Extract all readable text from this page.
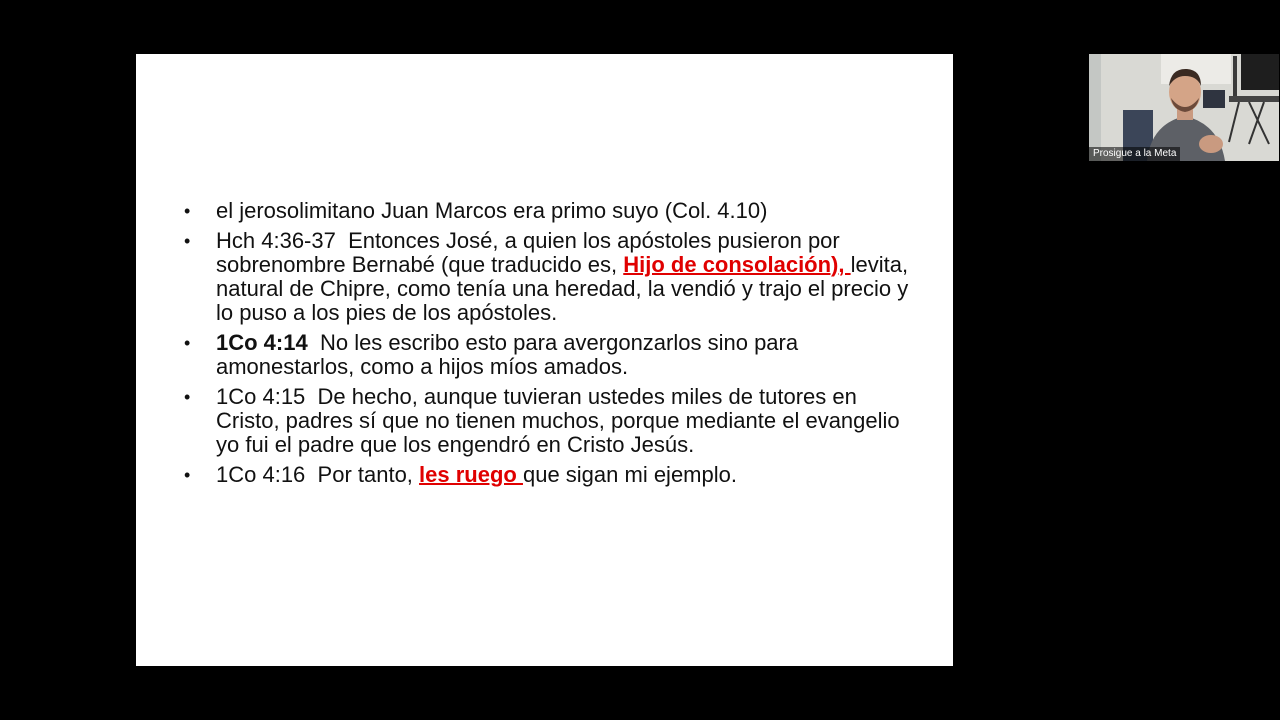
• el jerosolimitano Juan Marcos era primo suyo (Col. 4.10)
• Hch 4:36-37 Entonces José, a quien los apóstoles pusieron por sobrenombre Bernabé (que traducido es, Hijo de consolación), levita, natural de Chipre, como tenía una heredad, la vendió y trajo el precio y lo puso a los pies de los apóstoles.
• 1Co 4:14 No les escribo esto para avergonzarlos sino para amonestarlos, como a hijos míos amados.
• 1Co 4:15 De hecho, aunque tuvieran ustedes miles de tutores en Cristo, padres sí que no tienen muchos, porque mediante el evangelio yo fui el padre que los engendró en Cristo Jesús.
• 1Co 4:16 Por tanto, les ruego que sigan mi ejemplo.
Prosigue a la Meta
